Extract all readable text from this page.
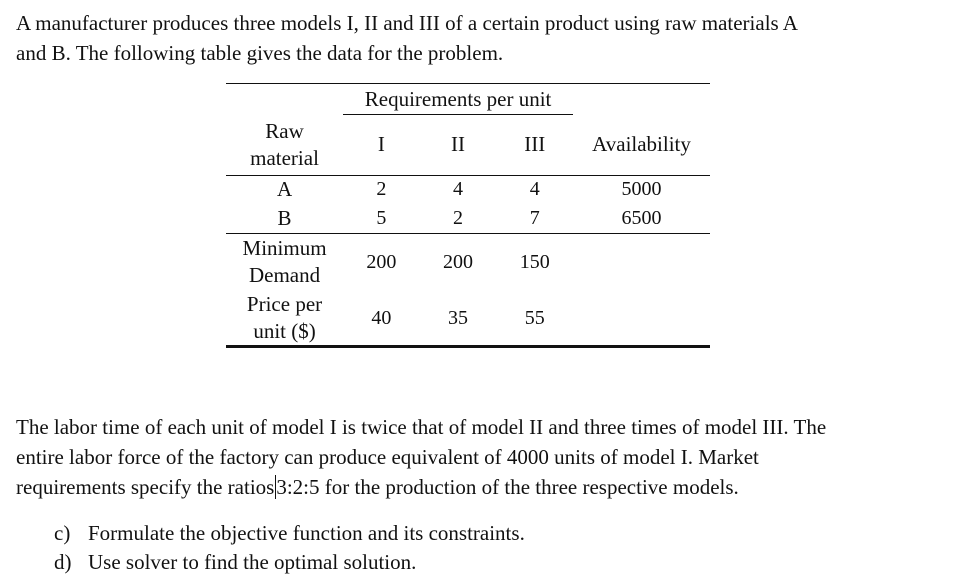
A manufacturer produces three models I, II and III of a certain product using raw materials A
and B. The following table gives the data for the problem.

	Requirements per unit			

Raw
material	I	II	III	Availability
A	2	4	4	5000
B	5	2	7	6500

Minimum
Demand	200	200	150	

Price per
unit ($)	40	35	55	
The labor time of each unit of model I is twice that of model II and three times of model III. The
entire labor force of the factory can produce equivalent of 4000 units of model I. Market
requirements specify the ratios3:2:5 for the production of the three respective models.
c) Formulate the objective function and its constraints.
d) Use solver to find the optimal solution.
